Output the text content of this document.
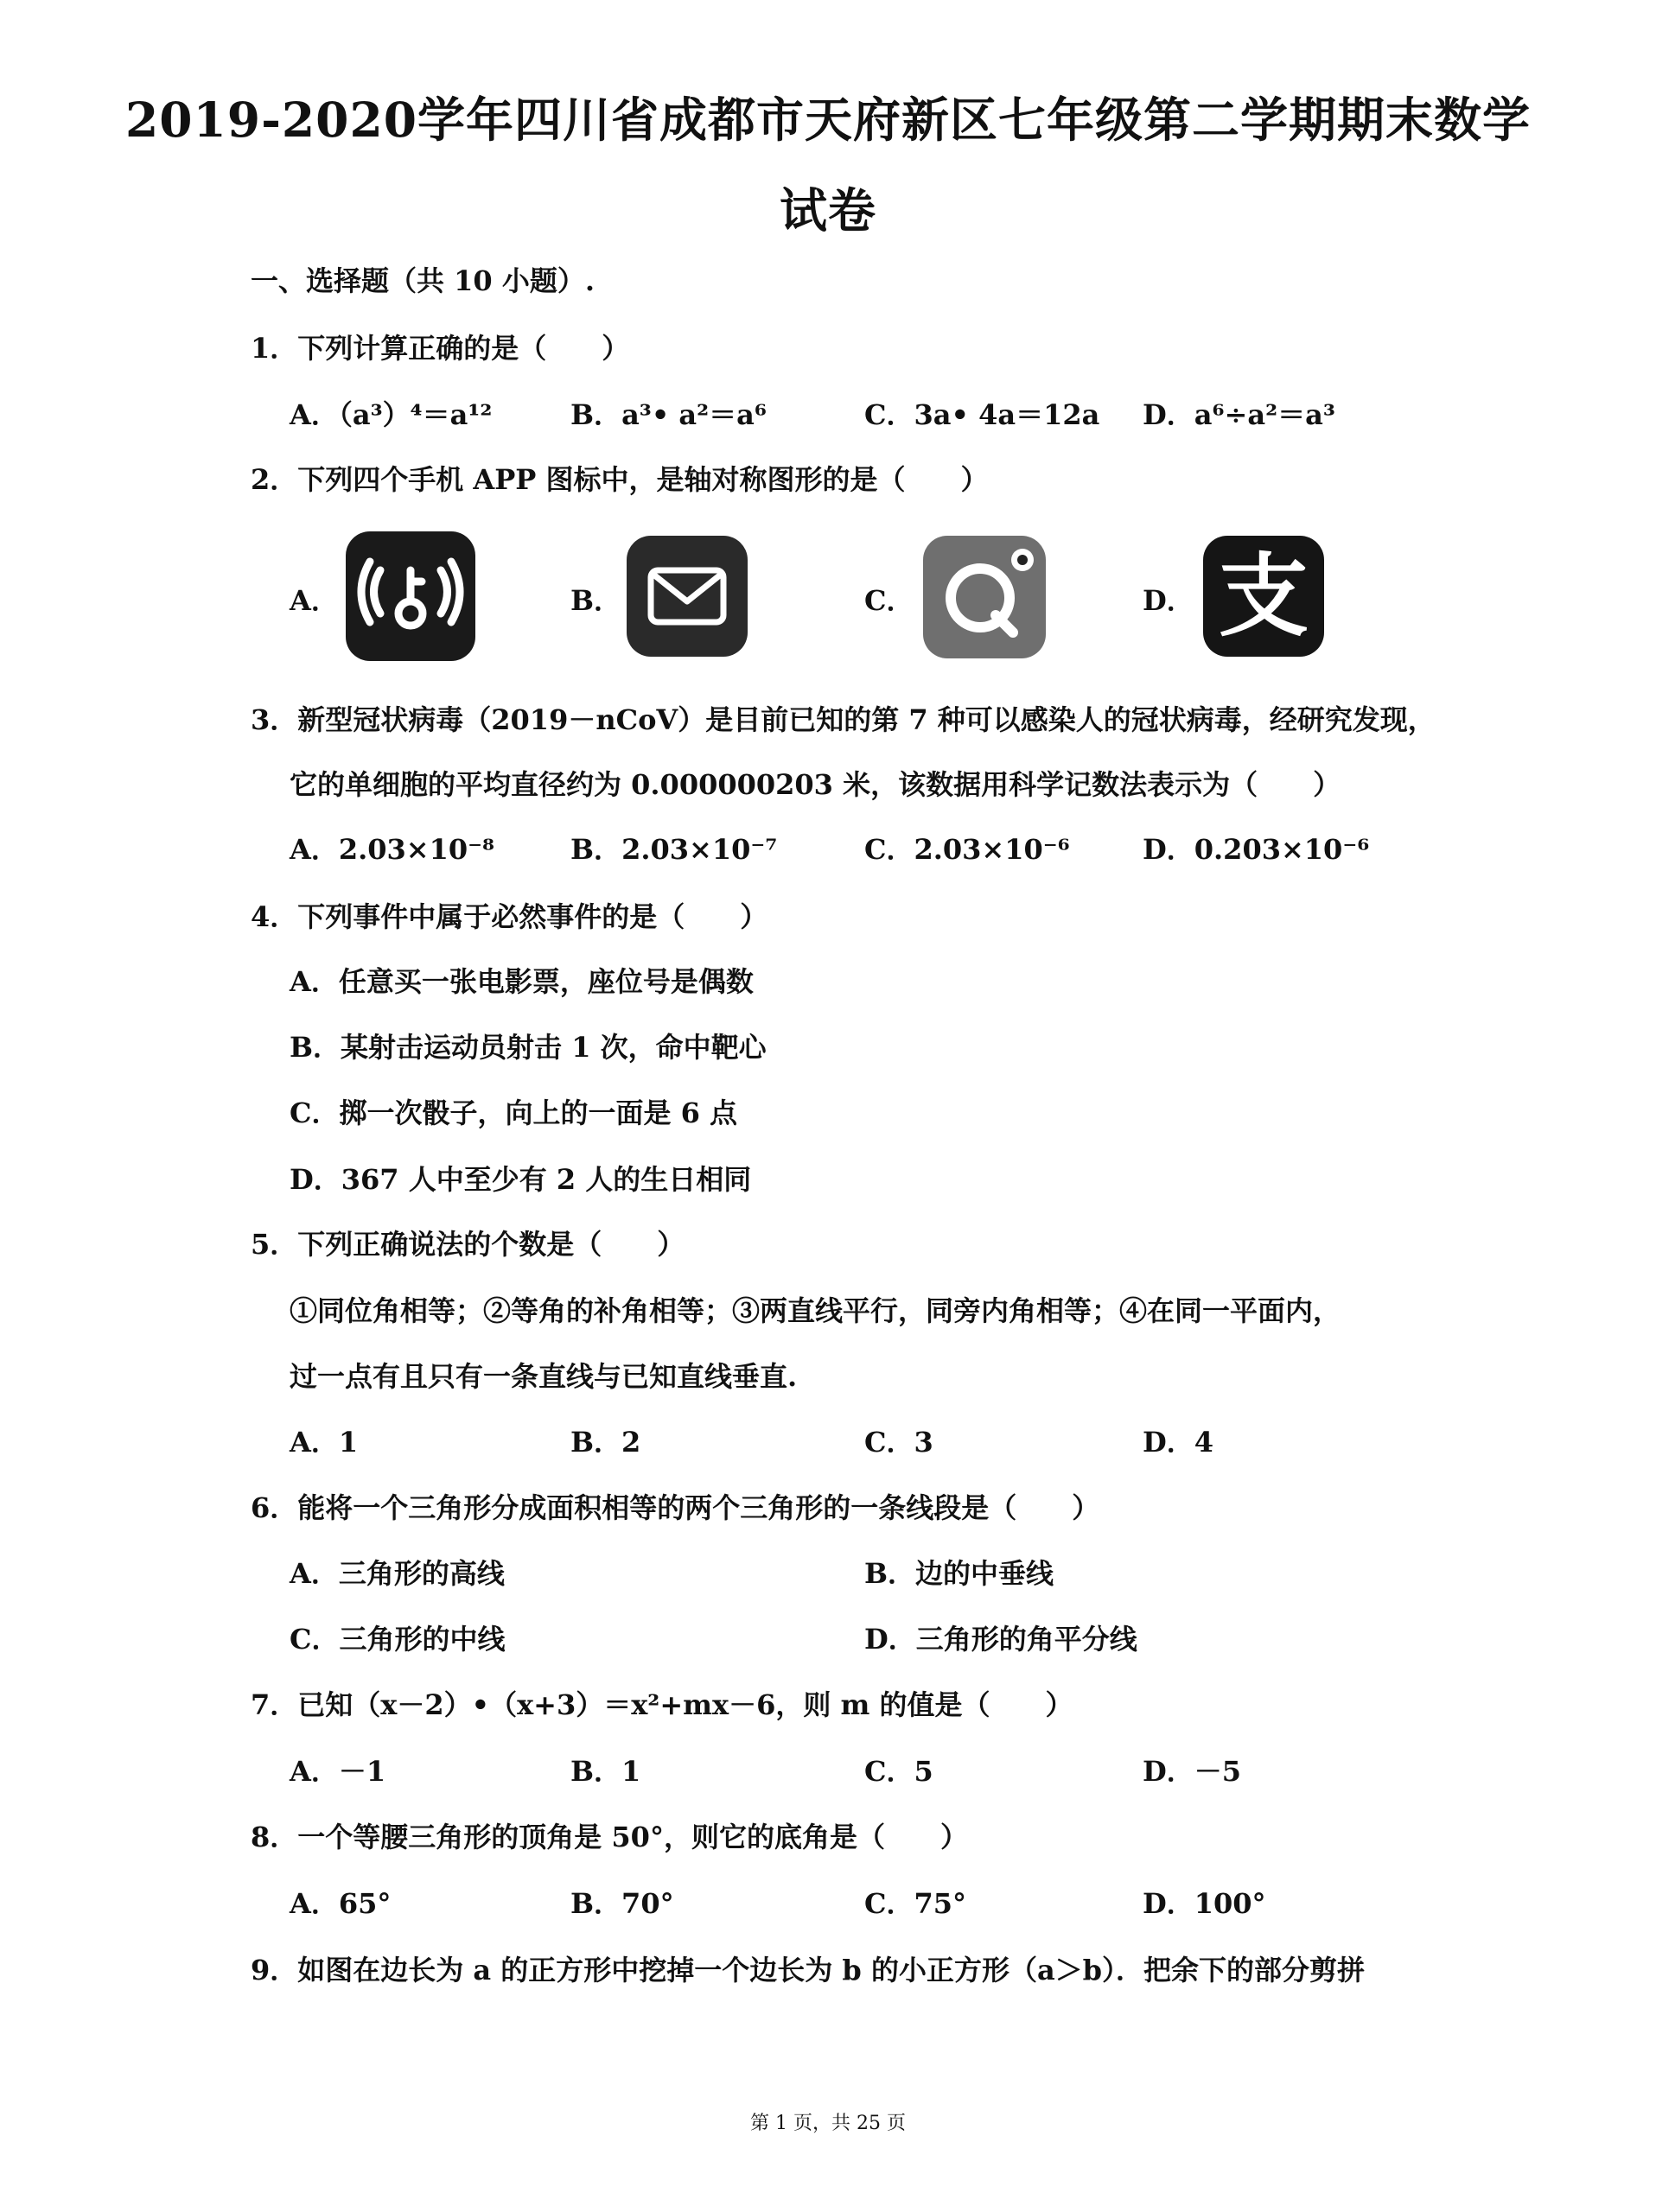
2019-2020学年四川省成都市天府新区七年级第二学期期末数学
试卷
一、选择题（共 10 小题）.
1．下列计算正确的是（　　）
A．（a³）⁴＝a¹²	B．a³• a²＝a⁶	C．3a• 4a＝12a D．a⁶÷a²＝a³
2．下列四个手机 APP 图标中，是轴对称图形的是（　　）
A．	B．	C．	D． 支
3．新型冠状病毒（2019－nCoV）是目前已知的第 7 种可以感染人的冠状病毒，经研究发现，
它的单细胞的平均直径约为 0.000000203 米，该数据用科学记数法表示为（　　）
A．2.03×10⁻⁸	B．2.03×10⁻⁷	C．2.03×10⁻⁶	D．0.203×10⁻⁶
4．下列事件中属于必然事件的是（　　）
A．任意买一张电影票，座位号是偶数
B．某射击运动员射击 1 次，命中靶心
C．掷一次骰子，向上的一面是 6 点
D．367 人中至少有 2 人的生日相同
5．下列正确说法的个数是（　　）
①同位角相等；②等角的补角相等；③两直线平行，同旁内角相等；④在同一平面内，
过一点有且只有一条直线与已知直线垂直.
A．1	B．2	C．3	D．4
6．能将一个三角形分成面积相等的两个三角形的一条线段是（　　）
A．三角形的高线	B．边的中垂线
C．三角形的中线	D．三角形的角平分线
7．已知（x－2）•（x+3）＝x²+mx－6，则 m 的值是（　　）
A．－1	B．1	C．5	D．－5
8．一个等腰三角形的顶角是 50°，则它的底角是（　　）
A．65°	B．70°	C．75°	D．100°
9．如图在边长为 a 的正方形中挖掉一个边长为 b 的小正方形（a＞b）．把余下的部分剪拼
第 1 页，共 25 页
